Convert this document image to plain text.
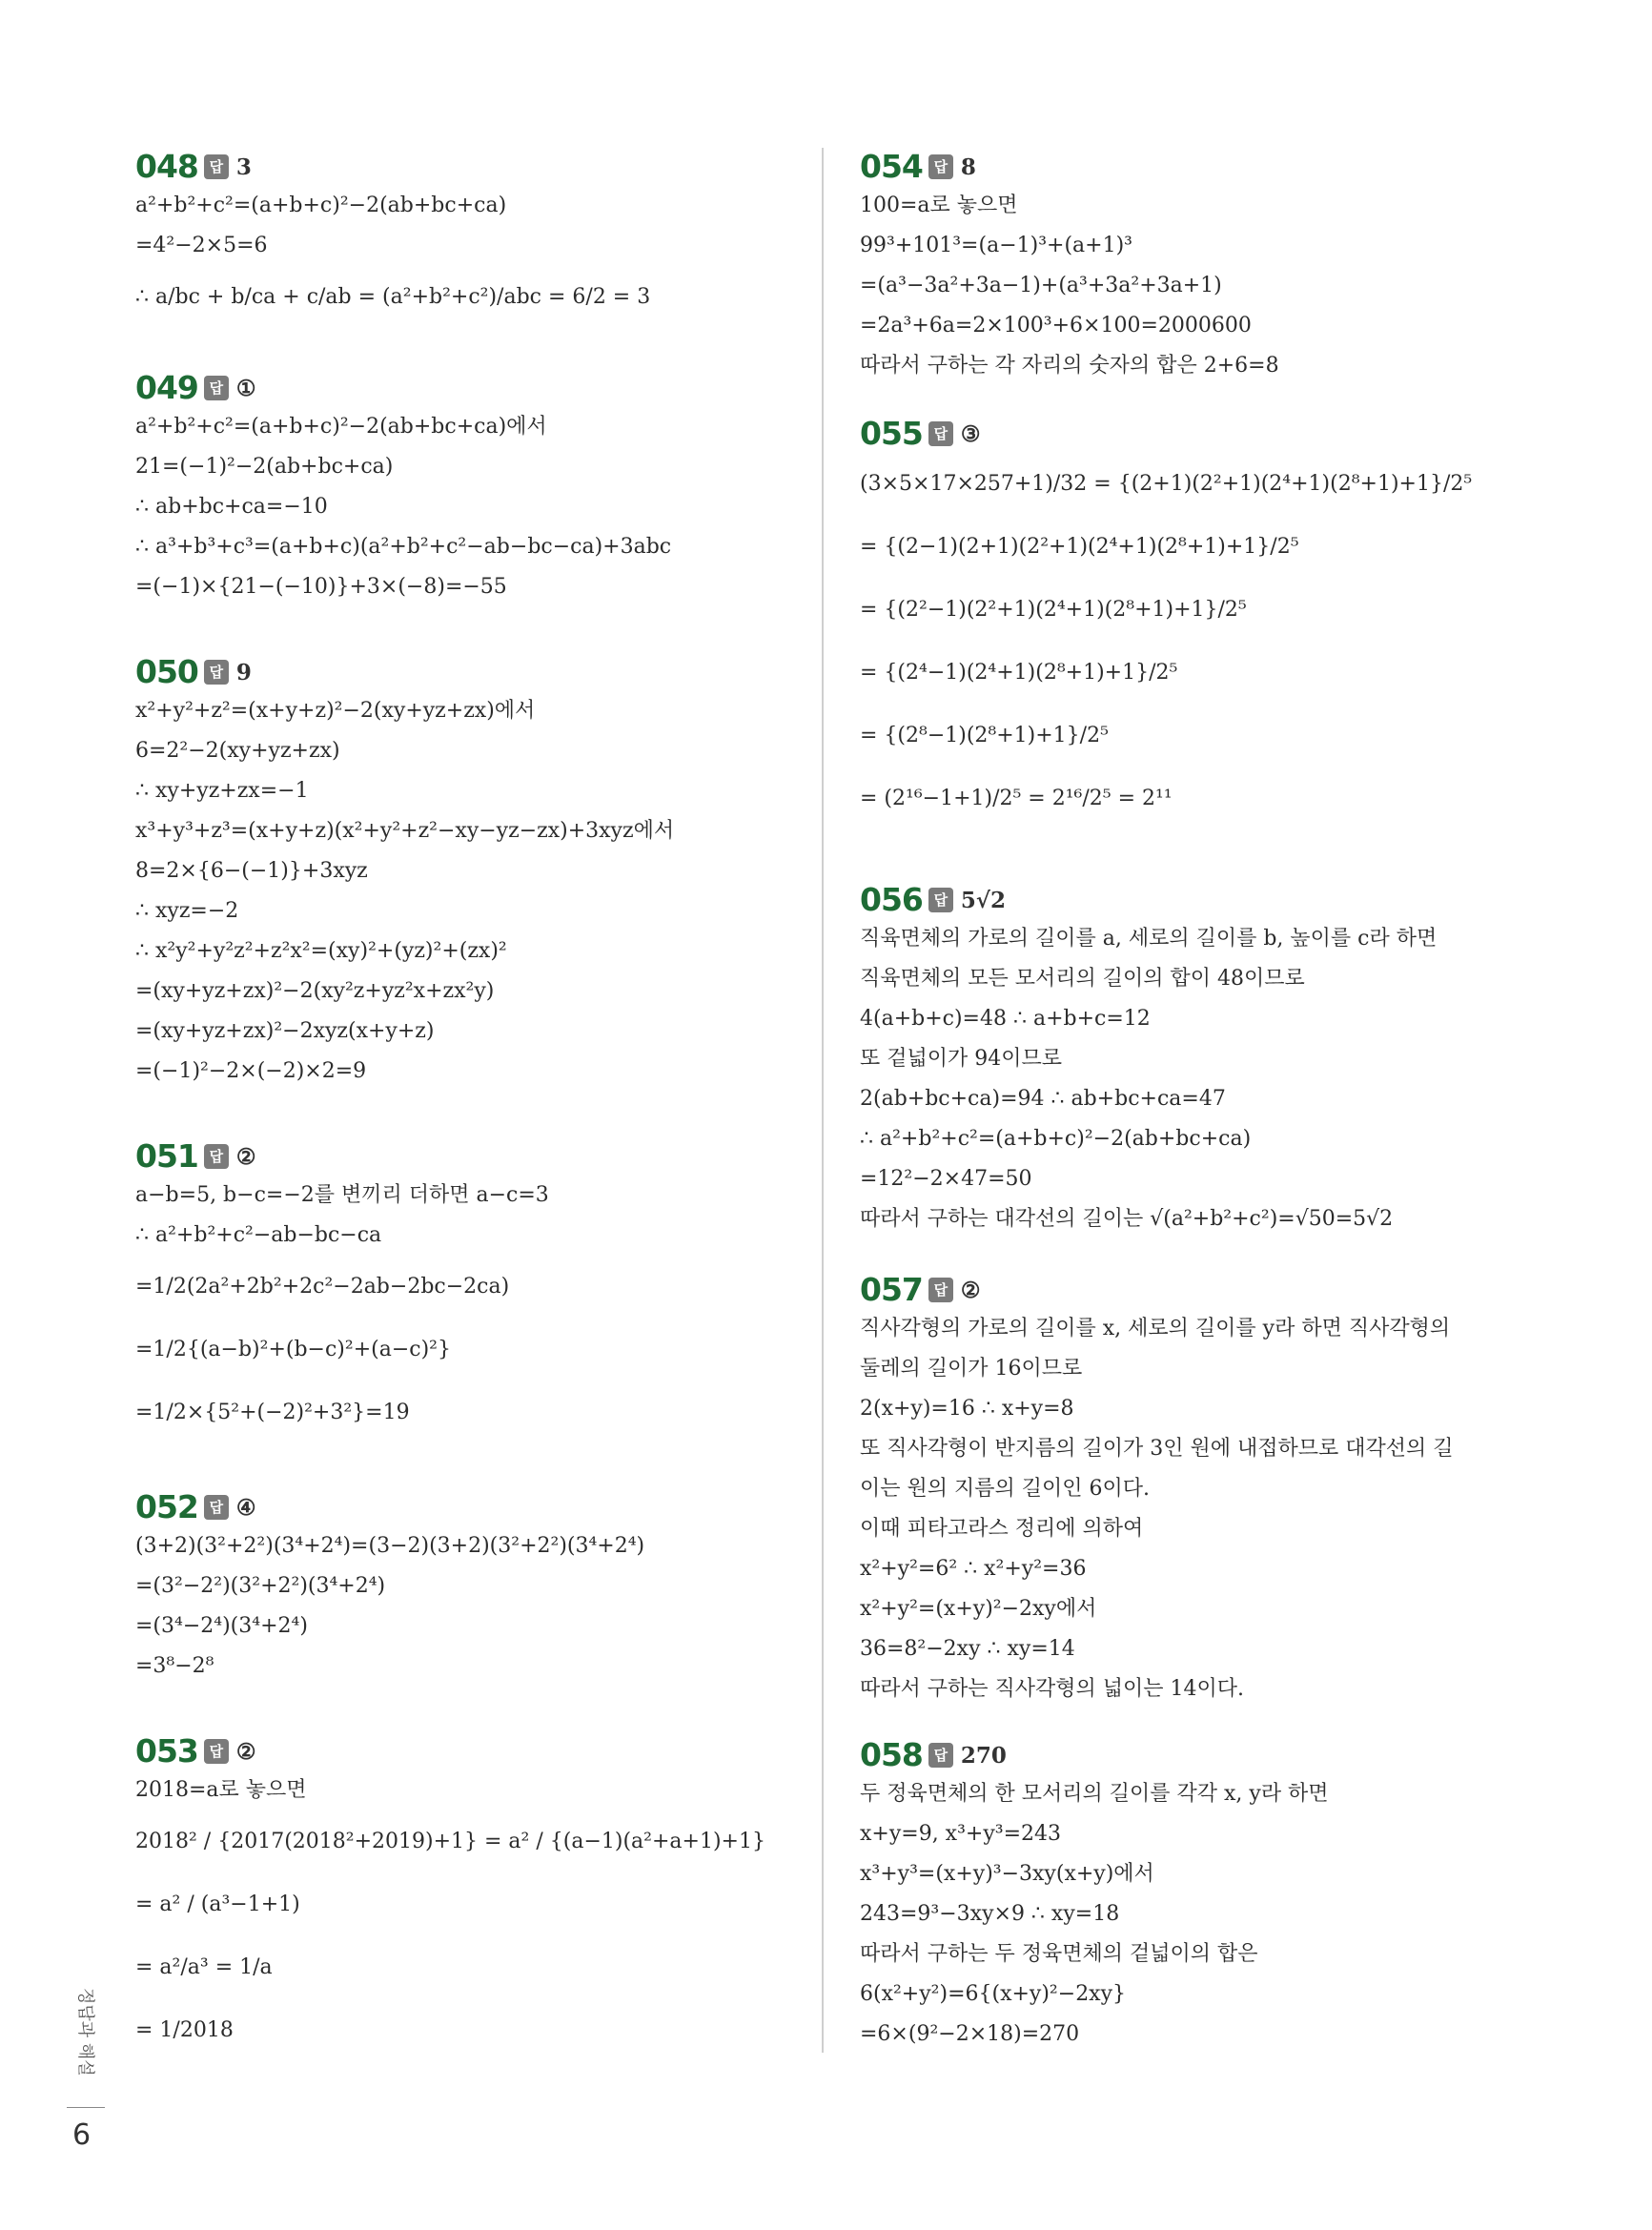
048 답 3
a²+b²+c²=(a+b+c)²−2(ab+bc+ca)
=4²−2×5=6
∴ a/bc + b/ca + c/ab = (a²+b²+c²)/abc = 6/2 = 3
049 답 ①
a²+b²+c²=(a+b+c)²−2(ab+bc+ca)에서
21=(−1)²−2(ab+bc+ca)
∴ ab+bc+ca=−10
∴ a³+b³+c³=(a+b+c)(a²+b²+c²−ab−bc−ca)+3abc
=(−1)×{21−(−10)}+3×(−8)=−55
050 답 9
x²+y²+z²=(x+y+z)²−2(xy+yz+zx)에서
6=2²−2(xy+yz+zx)
∴ xy+yz+zx=−1
x³+y³+z³=(x+y+z)(x²+y²+z²−xy−yz−zx)+3xyz에서
8=2×{6−(−1)}+3xyz
∴ xyz=−2
∴ x²y²+y²z²+z²x²=(xy)²+(yz)²+(zx)²
=(xy+yz+zx)²−2(xy²z+yz²x+zx²y)
=(xy+yz+zx)²−2xyz(x+y+z)
=(−1)²−2×(−2)×2=9
051 답 ②
a−b=5, b−c=−2를 변끼리 더하면 a−c=3
∴ a²+b²+c²−ab−bc−ca
=1/2(2a²+2b²+2c²−2ab−2bc−2ca)
=1/2{(a−b)²+(b−c)²+(a−c)²}
=1/2×{5²+(−2)²+3²}=19
052 답 ④
(3+2)(3²+2²)(3⁴+2⁴)=(3−2)(3+2)(3²+2²)(3⁴+2⁴)
=(3²−2²)(3²+2²)(3⁴+2⁴)
=(3⁴−2⁴)(3⁴+2⁴)
=3⁸−2⁸
053 답 ②
2018=a로 놓으면
2018² / {2017(2018²+2019)+1} = a² / {(a−1)(a²+a+1)+1}
= a² / (a³−1+1)
= a²/a³ = 1/a
= 1/2018
054 답 8
100=a로 놓으면
99³+101³=(a−1)³+(a+1)³
=(a³−3a²+3a−1)+(a³+3a²+3a+1)
=2a³+6a=2×100³+6×100=2000600
따라서 구하는 각 자리의 숫자의 합은 2+6=8
055 답 ③
(3×5×17×257+1)/32 = {(2+1)(2²+1)(2⁴+1)(2⁸+1)+1}/2⁵
= {(2−1)(2+1)(2²+1)(2⁴+1)(2⁸+1)+1}/2⁵
= {(2²−1)(2²+1)(2⁴+1)(2⁸+1)+1}/2⁵
= {(2⁴−1)(2⁴+1)(2⁸+1)+1}/2⁵
= {(2⁸−1)(2⁸+1)+1}/2⁵
= (2¹⁶−1+1)/2⁵ = 2¹⁶/2⁵ = 2¹¹
056 답 5√2
직육면체의 가로의 길이를 a, 세로의 길이를 b, 높이를 c라 하면
직육면체의 모든 모서리의 길이의 합이 48이므로
4(a+b+c)=48 ∴ a+b+c=12
또 겉넓이가 94이므로
2(ab+bc+ca)=94 ∴ ab+bc+ca=47
∴ a²+b²+c²=(a+b+c)²−2(ab+bc+ca)
=12²−2×47=50
따라서 구하는 대각선의 길이는 √(a²+b²+c²)=√50=5√2
057 답 ②
직사각형의 가로의 길이를 x, 세로의 길이를 y라 하면 직사각형의
둘레의 길이가 16이므로
2(x+y)=16 ∴ x+y=8
또 직사각형이 반지름의 길이가 3인 원에 내접하므로 대각선의 길
이는 원의 지름의 길이인 6이다.
이때 피타고라스 정리에 의하여
x²+y²=6² ∴ x²+y²=36
x²+y²=(x+y)²−2xy에서
36=8²−2xy ∴ xy=14
따라서 구하는 직사각형의 넓이는 14이다.
058 답 270
두 정육면체의 한 모서리의 길이를 각각 x, y라 하면
x+y=9, x³+y³=243
x³+y³=(x+y)³−3xy(x+y)에서
243=9³−3xy×9 ∴ xy=18
따라서 구하는 두 정육면체의 겉넓이의 합은
6(x²+y²)=6{(x+y)²−2xy}
=6×(9²−2×18)=270
정답과 해설
6
